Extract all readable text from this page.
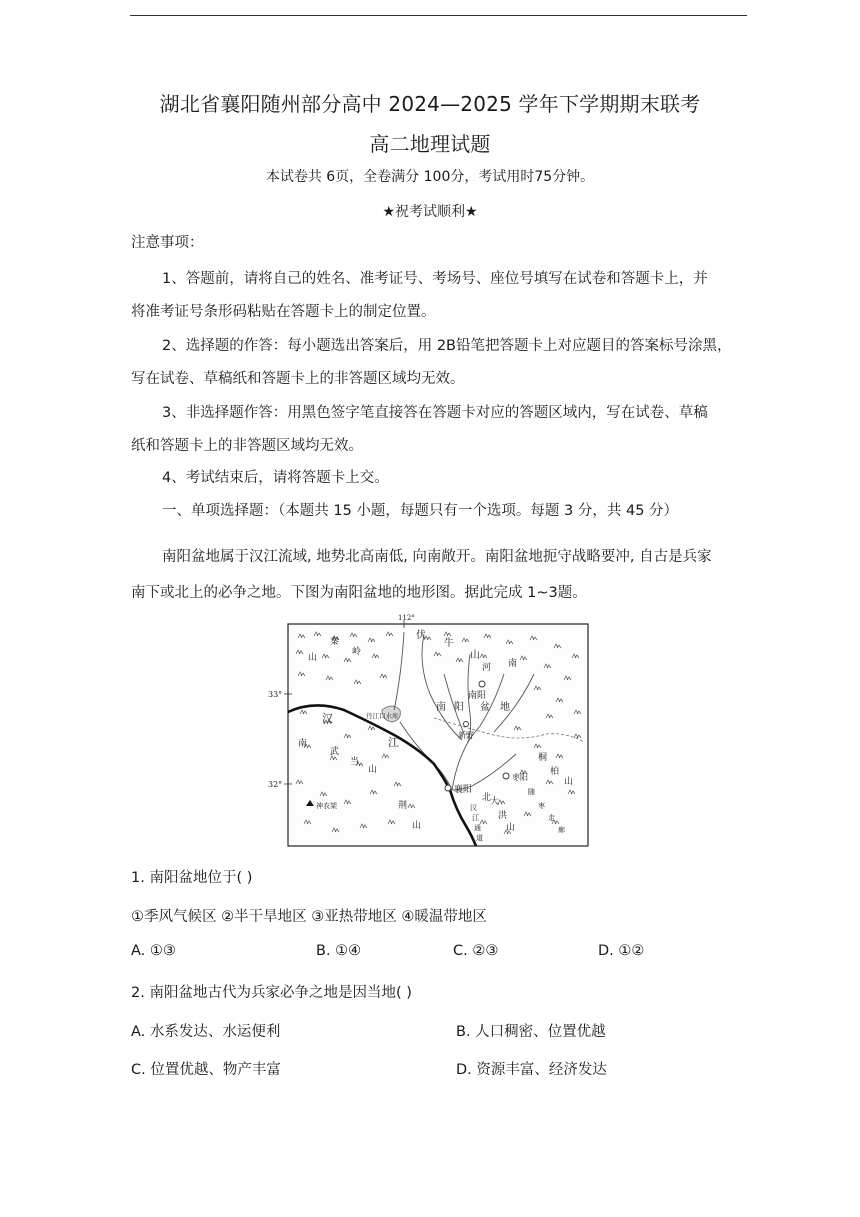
湖北省襄阳随州部分高中 2024—2025 学年下学期期末联考
高二地理试题
本试卷共 6页，全卷满分 100分，考试用时75分钟。
★祝考试顺利★
注意事项：
1、答题前，请将自己的姓名、准考证号、考场号、座位号填写在试卷和答题卡上，并
将准考证号条形码粘贴在答题卡上的制定位置。
2、选择题的作答：每小题选出答案后，用 2B铅笔把答题卡上对应题目的答案标号涂黑，
写在试卷、草稿纸和答题卡上的非答题区域均无效。
3、非选择题作答：用黑色签字笔直接答在答题卡对应的答题区域内，写在试卷、草稿
纸和答题卡上的非答题区域均无效。
4、考试结束后，请将答题卡上交。
一、单项选择题：（本题共 15 小题，每题只有一个选项。每题 3 分，共 45 分）
南阳盆地属于汉江流域, 地势北高南低, 向南敞开。南阳盆地扼守战略要冲, 自古是兵家
南下或北上的必争之地。下图为南阳盆地的地形图。据此完成 1~3题。
112°
33°
32°
秦
岭
山
汉
江
南
伏
牛
山
河 南
南阳
南 阳 盆 地
丹江口水库
新野
枣阳
襄阳
神农架
桐
柏
山
武
当
山
荆
山
大
洪
山
随
枣
走
廊
汉
江
通
道
北
1. 南阳盆地位于( )
①季风气候区 ②半干旱地区 ③亚热带地区 ④暖温带地区
A. ①③	B. ①④	C. ②③	D. ①②
2. 南阳盆地古代为兵家必争之地是因当地( )
A. 水系发达、水运便利	B. 人口稠密、位置优越
C. 位置优越、物产丰富	D. 资源丰富、经济发达
